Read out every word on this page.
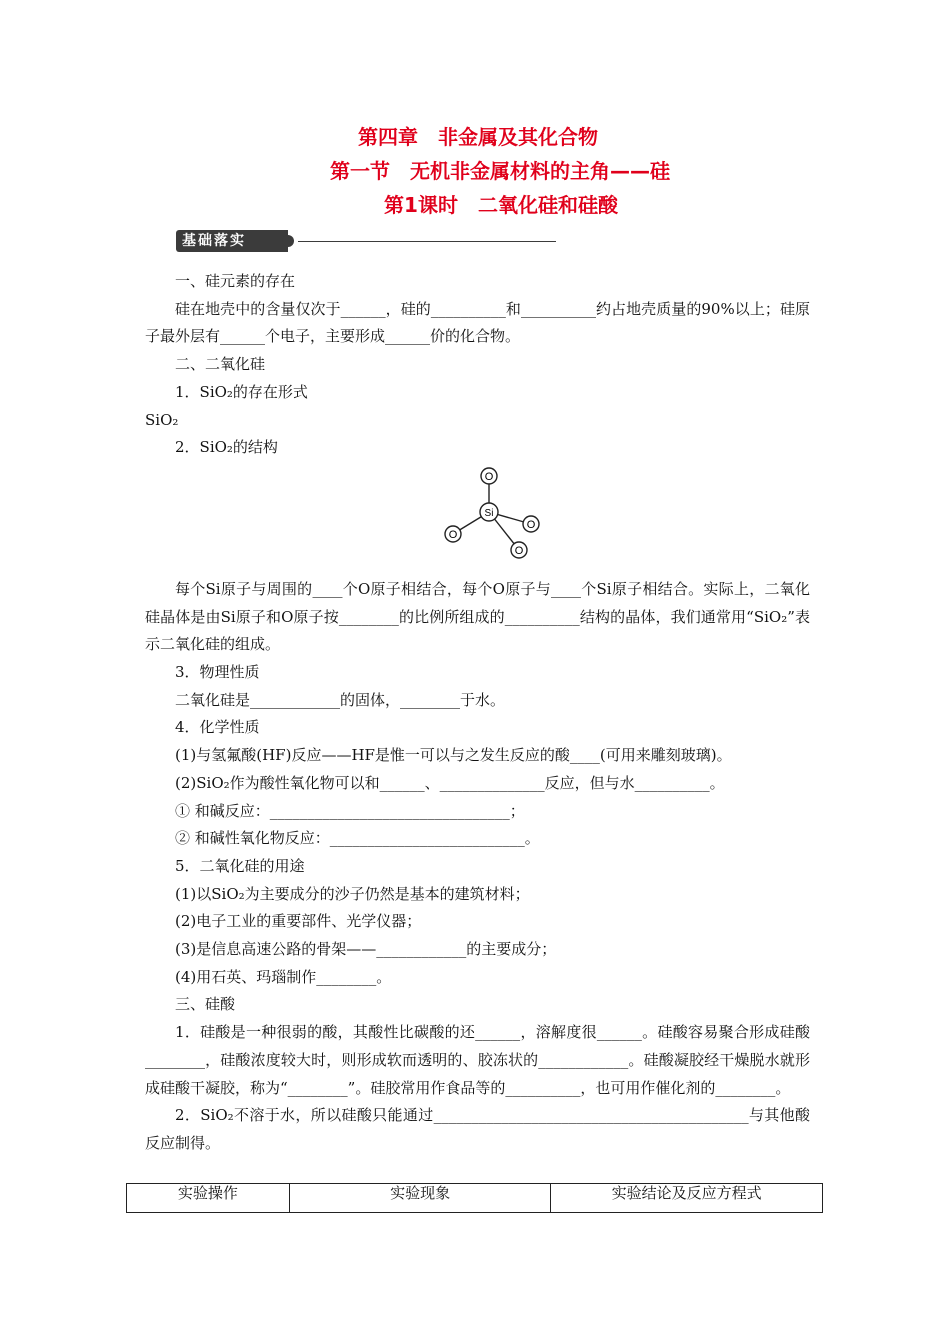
第四章　非金属及其化合物
第一节　无机非金属材料的主角——硅
第1课时　二氧化硅和硅酸
基础落实

一、硅元素的存在

硅在地壳中的含量仅次于______，硅的__________和__________约占地壳质量的90%以上；硅原子最外层有______个电子，主要形成______价的化合物。

二、二氧化硅

1．SiO₂的存在形式

SiO₂

2．SiO₂的结构

O
Si
O
O
O

每个Si原子与周围的____个O原子相结合，每个O原子与____个Si原子相结合。实际上，二氧化硅晶体是由Si原子和O原子按________的比例所组成的__________结构的晶体，我们通常用“SiO₂”表示二氧化硅的组成。

3．物理性质

二氧化硅是____________的固体，________于水。

4．化学性质

(1)与氢氟酸(HF)反应——HF是惟一可以与之发生反应的酸____(可用来雕刻玻璃)。

(2)SiO₂作为酸性氧化物可以和______、______________反应，但与水__________。

① 和碱反应：________________________________；

② 和碱性氧化物反应：__________________________。

5．二氧化硅的用途

(1)以SiO₂为主要成分的沙子仍然是基本的建筑材料；

(2)电子工业的重要部件、光学仪器；

(3)是信息高速公路的骨架——____________的主要成分；

(4)用石英、玛瑙制作________。

三、硅酸

1．硅酸是一种很弱的酸，其酸性比碳酸的还______，溶解度很______。硅酸容易聚合形成硅酸________，硅酸浓度较大时，则形成软而透明的、胶冻状的____________。硅酸凝胶经干燥脱水就形成硅酸干凝胶，称为“________”。硅胶常用作食品等的__________，也可用作催化剂的________。

2．SiO₂不溶于水，所以硅酸只能通过__________________________________________与其他酸反应制得。

实验操作	实验现象	实验结论及反应方程式
